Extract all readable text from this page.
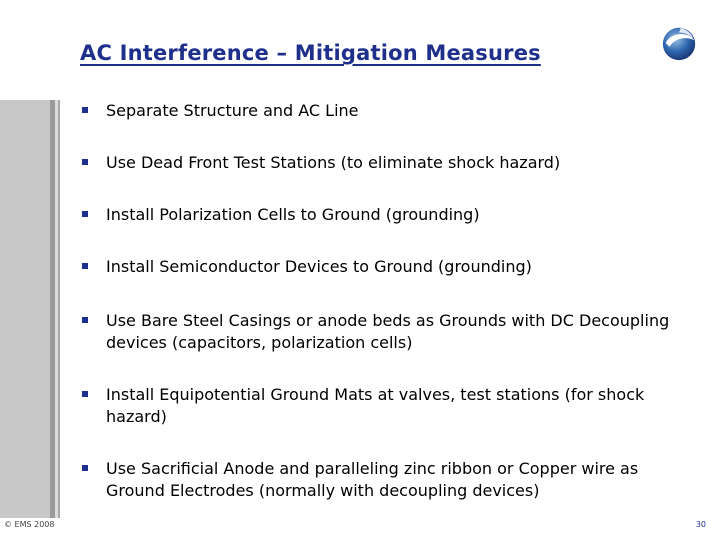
AC Interference – Mitigation Measures
Separate Structure and AC Line
Use Dead Front Test Stations (to eliminate shock hazard)
Install Polarization Cells to Ground (grounding)
Install Semiconductor Devices to Ground (grounding)
Use Bare Steel Casings or anode beds as Grounds with DC Decoupling devices (capacitors, polarization cells)
Install Equipotential Ground Mats at valves, test stations (for shock hazard)
Use Sacrificial Anode and paralleling zinc ribbon or Copper wire as Ground Electrodes (normally with decoupling devices)
© EMS 2008	30
